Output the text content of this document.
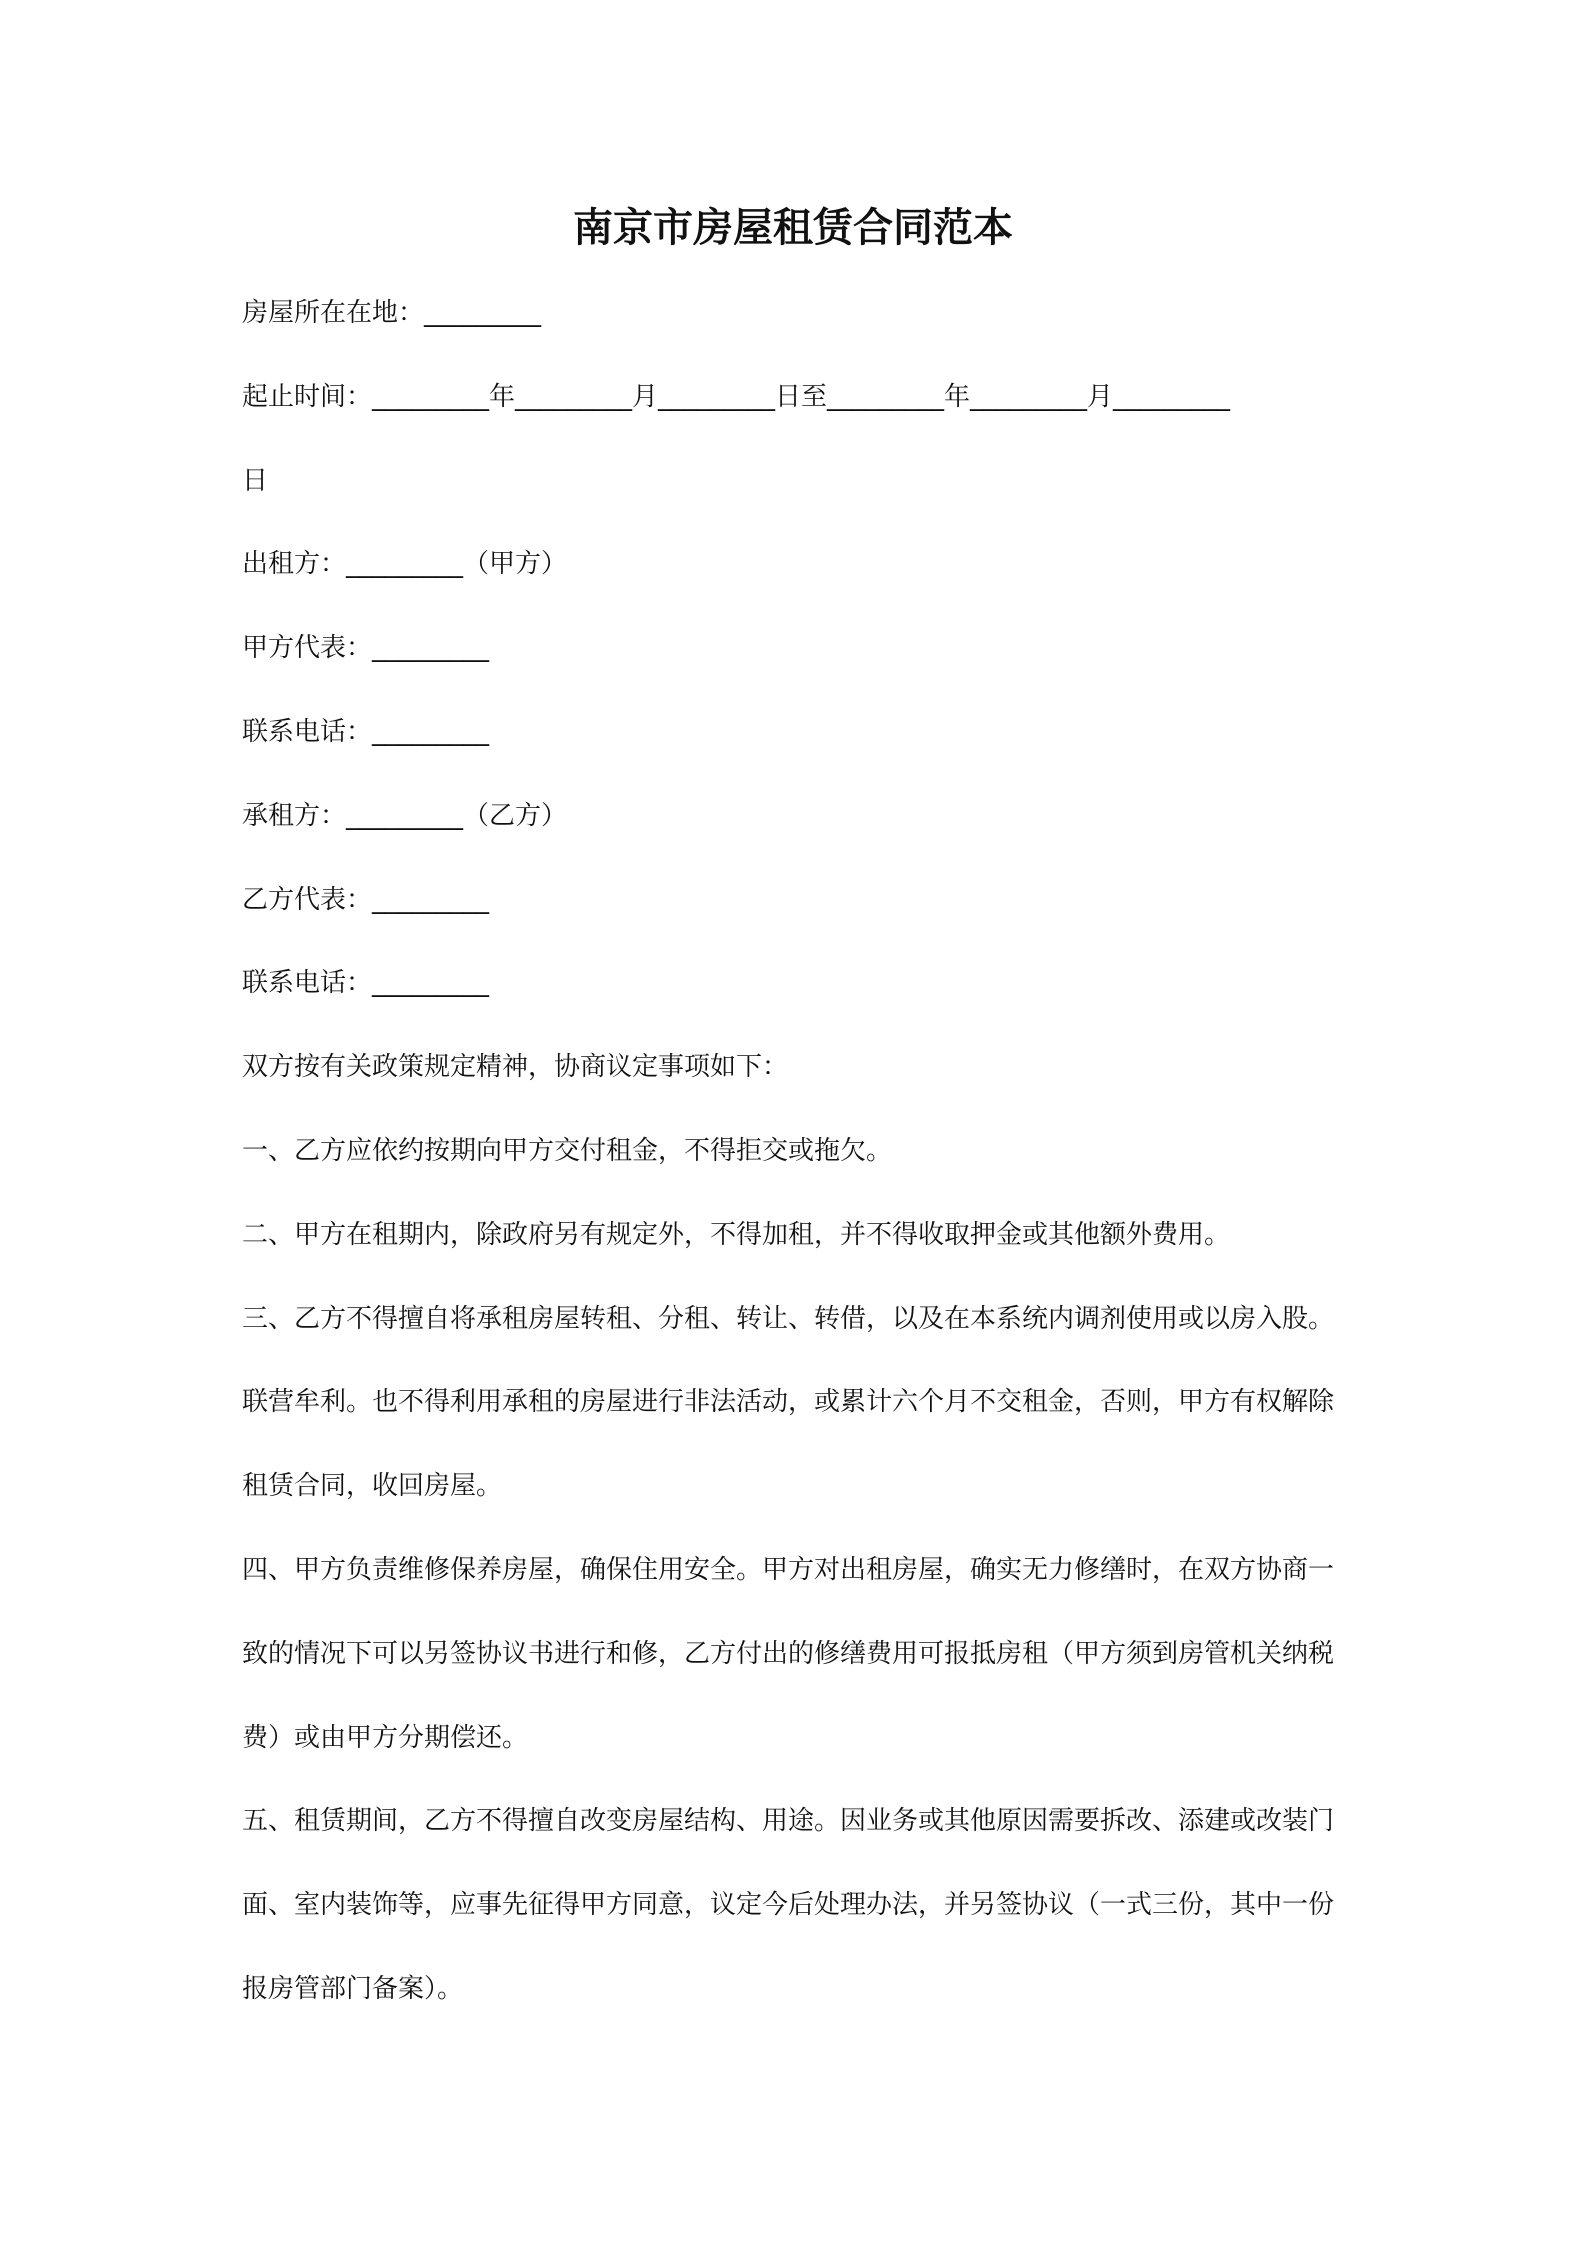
南京市房屋租赁合同范本
房屋所在在地：_________
起止时间：_________年_________月_________日至_________年_________月_________
日
出租方：_________（甲方）
甲方代表：_________
联系电话：_________
承租方：_________（乙方）
乙方代表：_________
联系电话：_________
双方按有关政策规定精神，协商议定事项如下：
一、乙方应依约按期向甲方交付租金，不得拒交或拖欠。
二、甲方在租期内，除政府另有规定外，不得加租，并不得收取押金或其他额外费用。
三、乙方不得擅自将承租房屋转租、分租、转让、转借，以及在本系统内调剂使用或以房入股。
联营牟利。也不得利用承租的房屋进行非法活动，或累计六个月不交租金，否则，甲方有权解除
租赁合同，收回房屋。
四、甲方负责维修保养房屋，确保住用安全。甲方对出租房屋，确实无力修缮时，在双方协商一
致的情况下可以另签协议书进行和修，乙方付出的修缮费用可报抵房租（甲方须到房管机关纳税
费）或由甲方分期偿还。
五、租赁期间，乙方不得擅自改变房屋结构、用途。因业务或其他原因需要拆改、添建或改装门
面、室内装饰等，应事先征得甲方同意，议定今后处理办法，并另签协议（一式三份，其中一份
报房管部门备案）。
